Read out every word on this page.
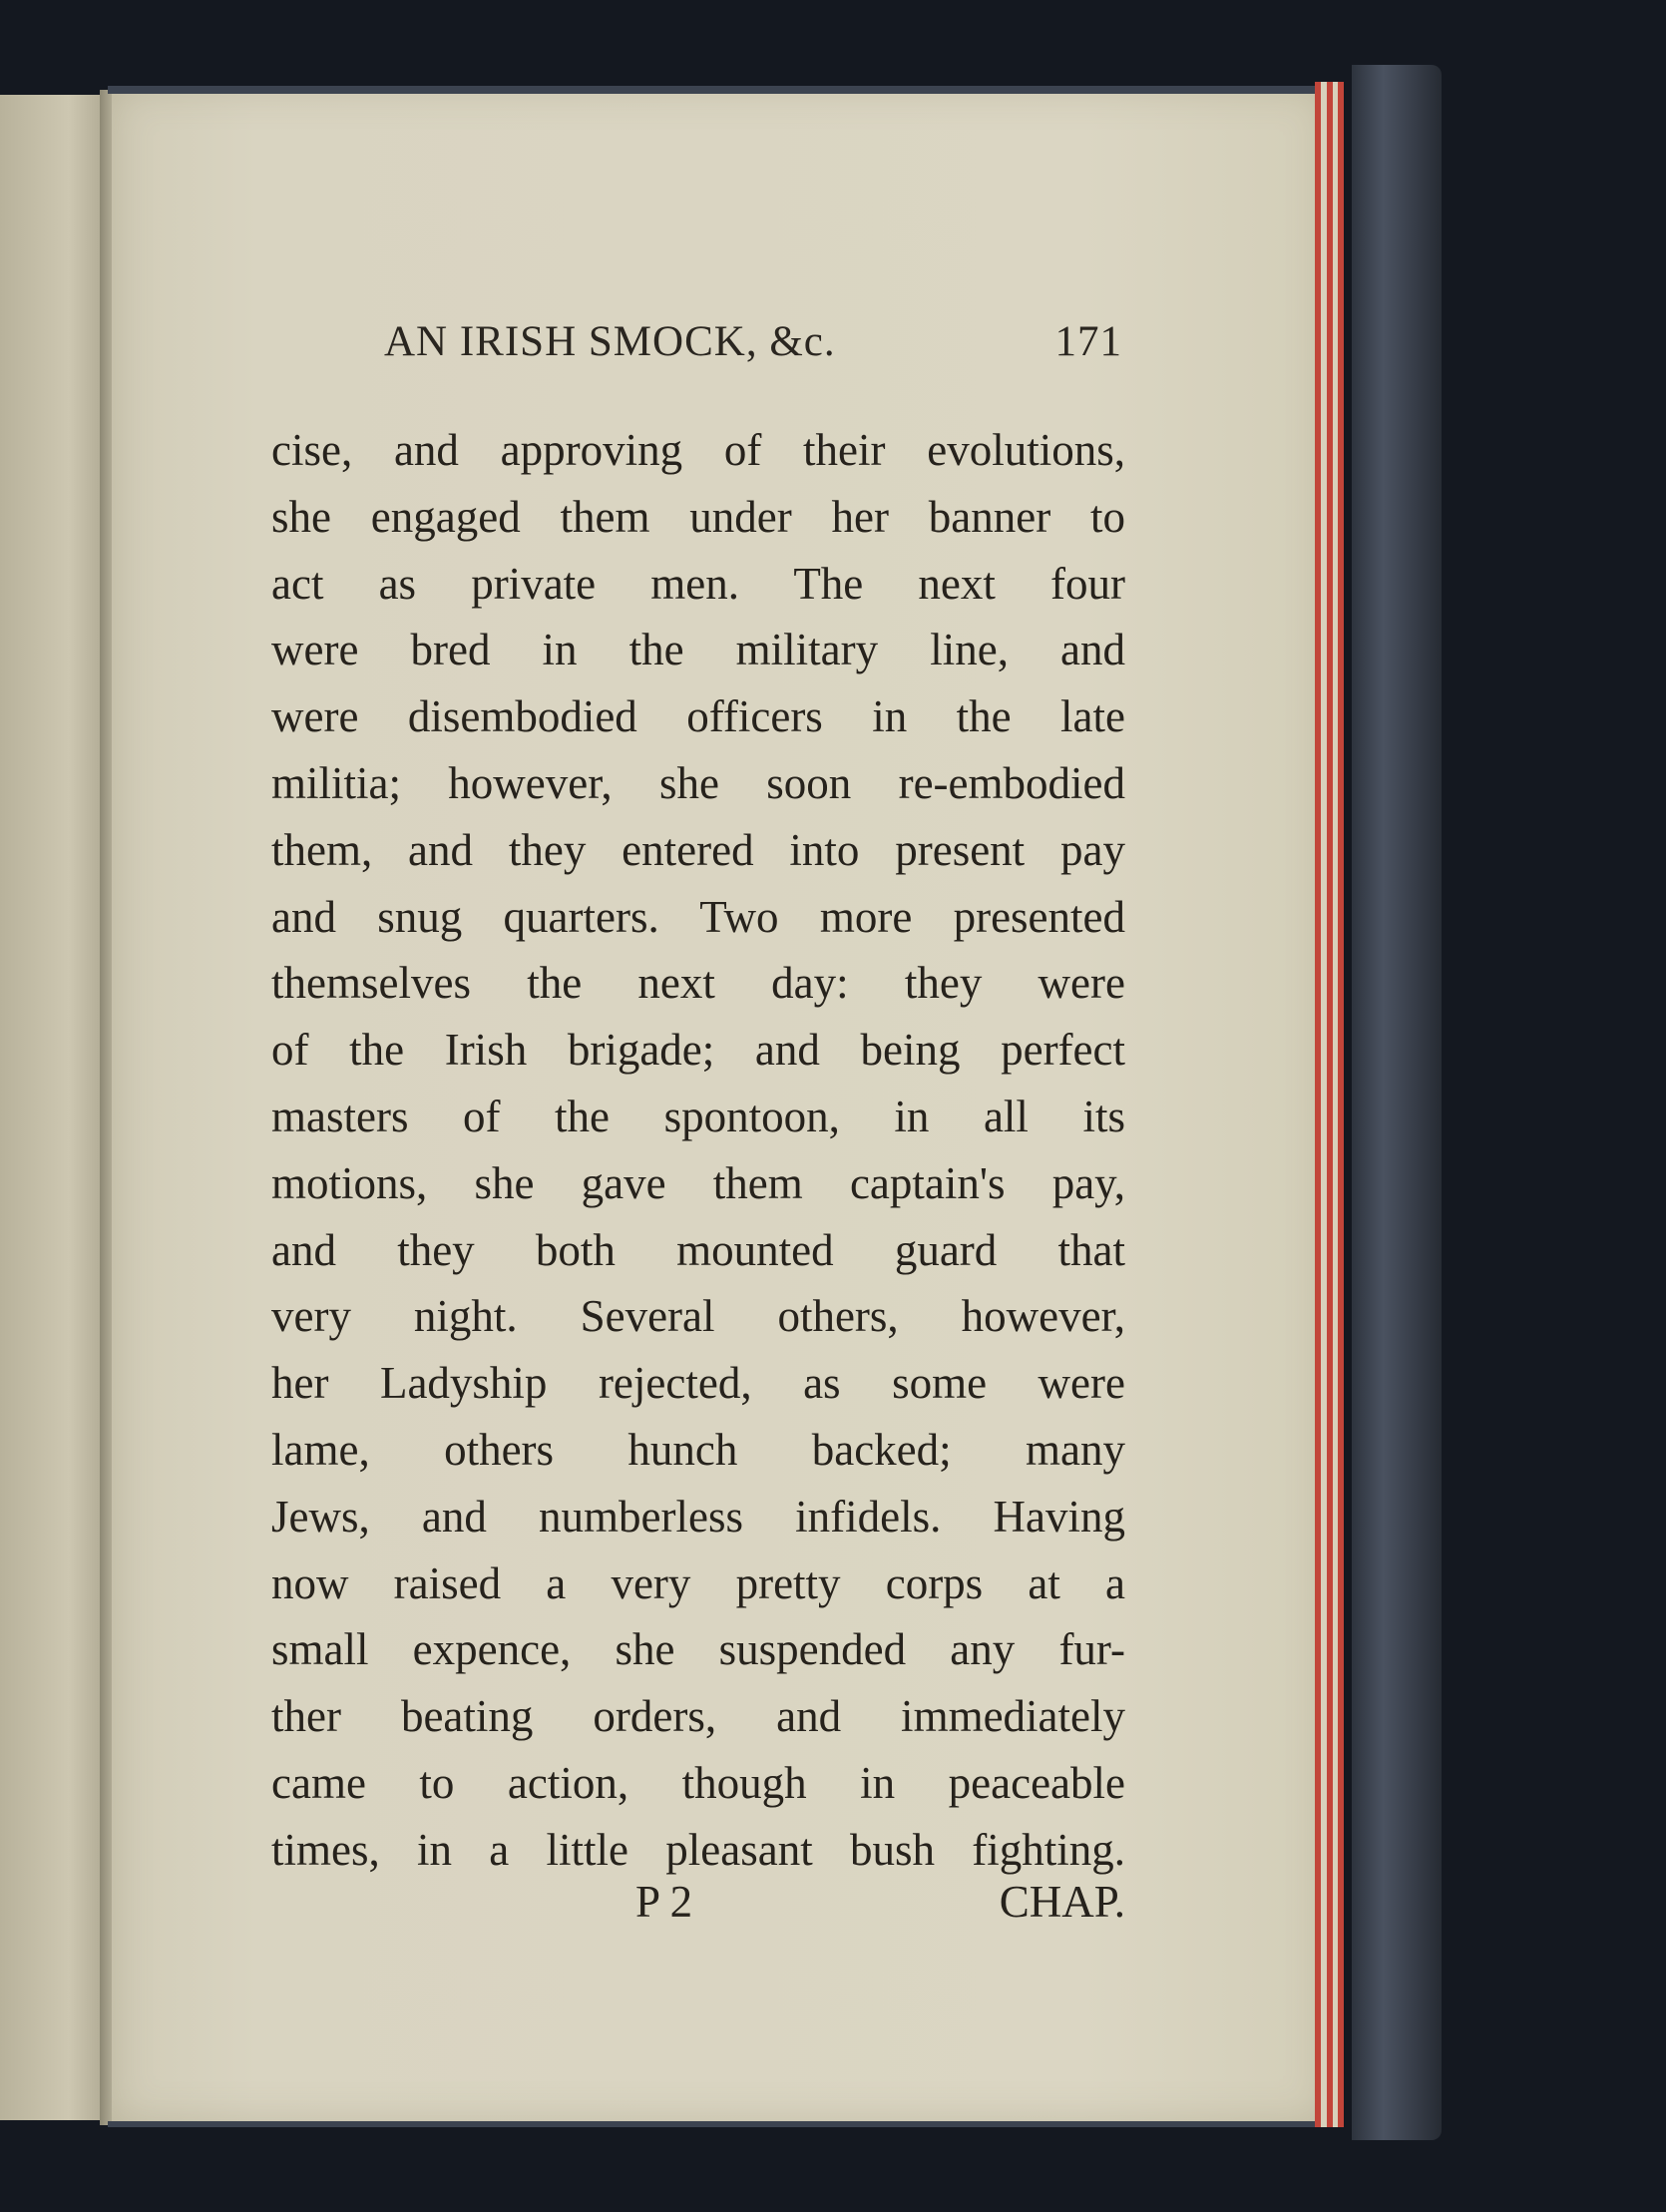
AN IRISH SMOCK, &c.	171
cise, and approving of their evolutions,
she engaged them under her banner to
act as private men. The next four
were bred in the military line, and
were disembodied officers in the late
militia; however, she soon re-embodied
them, and they entered into present pay
and snug quarters. Two more presented
themselves the next day: they were
of the Irish brigade; and being perfect
masters of the spontoon, in all its
motions, she gave them captain's pay,
and they both mounted guard that
very night. Several others, however,
her Ladyship rejected, as some were
lame, others hunch backed; many
Jews, and numberless infidels. Having
now raised a very pretty corps at a
small expence, she suspended any fur-
ther beating orders, and immediately
came to action, though in peaceable
times, in a little pleasant bush fighting.
P 2	CHAP.
